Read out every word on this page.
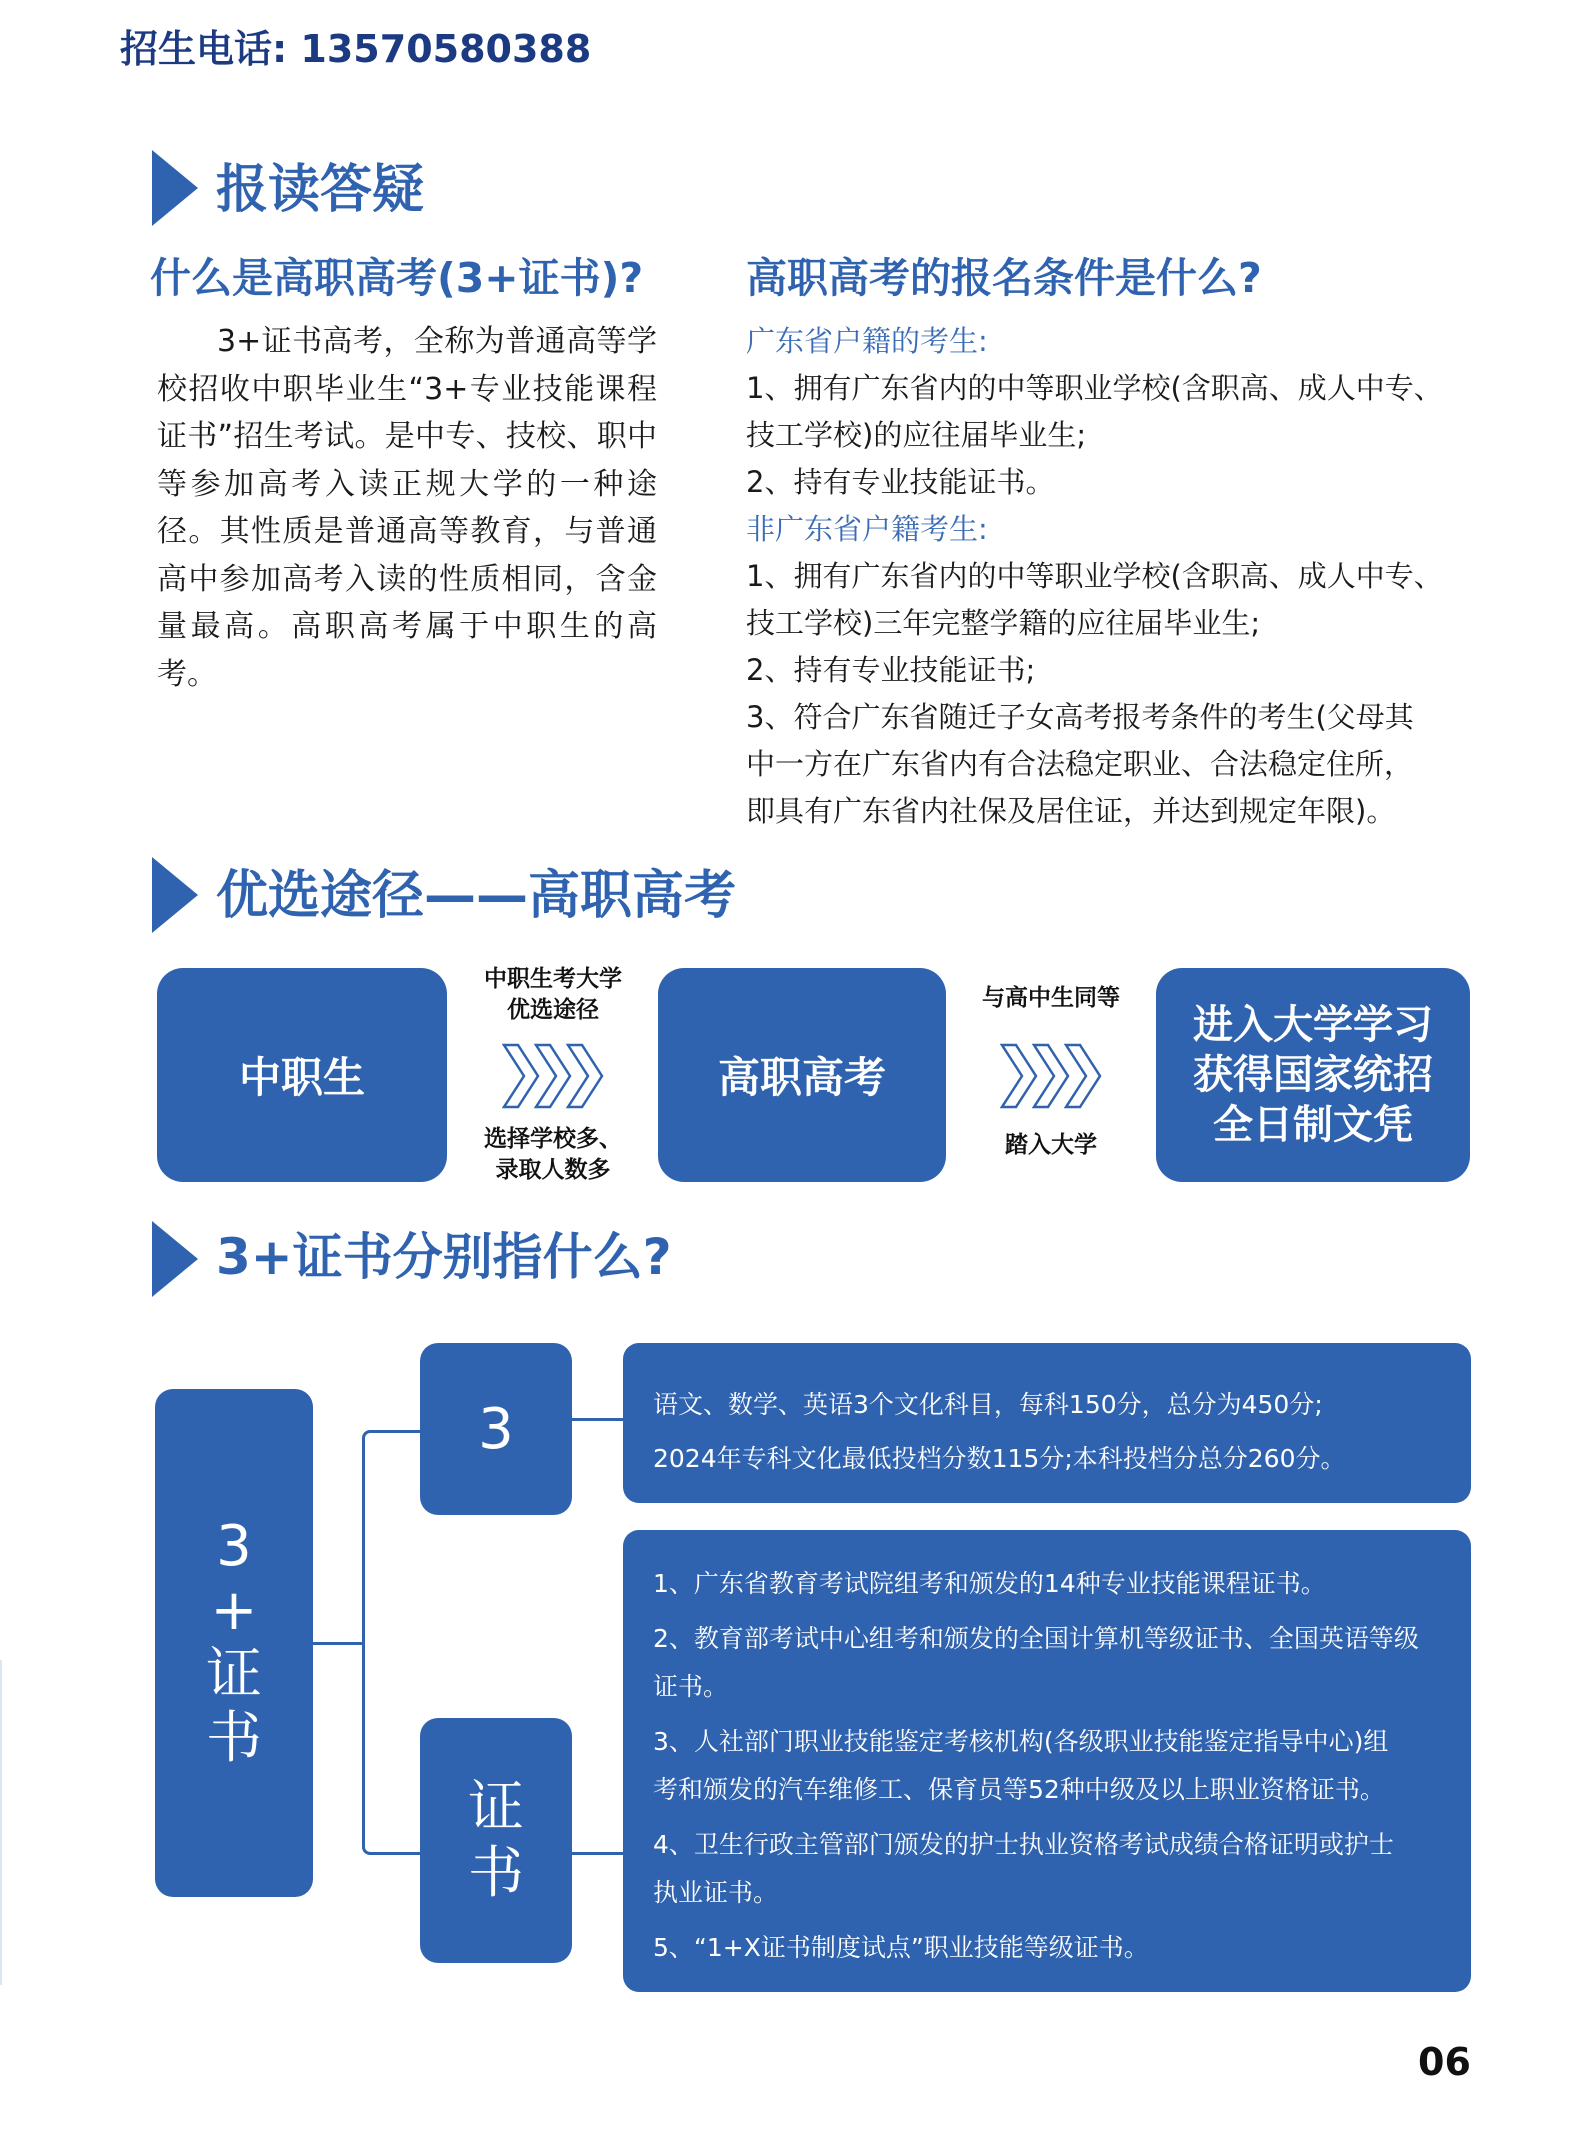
招生电话: 13570580388
报读答疑
什么是高职高考(3+证书)?

3+证书高考，全称为普通高等学校招收中职毕业生“3+专业技能课程证书”招生考试。是中专、技校、职中等参加高考入读正规大学的一种途径。其性质是普通高等教育，与普通高中参加高考入读的性质相同，含金量最高。高职高考属于中职生的高考。

高职高考的报名条件是什么?
广东省户籍的考生:
1、拥有广东省内的中等职业学校(含职高、成人中专、
技工学校)的应往届毕业生;
2、持有专业技能证书。
非广东省户籍考生:
1、拥有广东省内的中等职业学校(含职高、成人中专、
技工学校)三年完整学籍的应往届毕业生;
2、持有专业技能证书;
3、符合广东省随迁子女高考报考条件的考生(父母其
中一方在广东省内有合法稳定职业、合法稳定住所，
即具有广东省内社保及居住证，并达到规定年限)。
优选途径——高职高考
中职生
中职生考大学
优选途径
选择学校多、
录取人数多
高职高考
与高中生同等
踏入大学
进入大学学习
获得国家统招
全日制文凭
3+证书分别指什么?
3
+
证
书
3	语文、数学、英语3个文化科目，每科150分，总分为450分;
2024年专科文化最低投档分数115分;本科投档分总分260分。
证
书
1、广东省教育考试院组考和颁发的14种专业技能课程证书。
2、教育部考试中心组考和颁发的全国计算机等级证书、全国英语等级
证书。
3、人社部门职业技能鉴定考核机构(各级职业技能鉴定指导中心)组
考和颁发的汽车维修工、保育员等52种中级及以上职业资格证书。
4、卫生行政主管部门颁发的护士执业资格考试成绩合格证明或护士
执业证书。
5、“1+X证书制度试点”职业技能等级证书。
06
